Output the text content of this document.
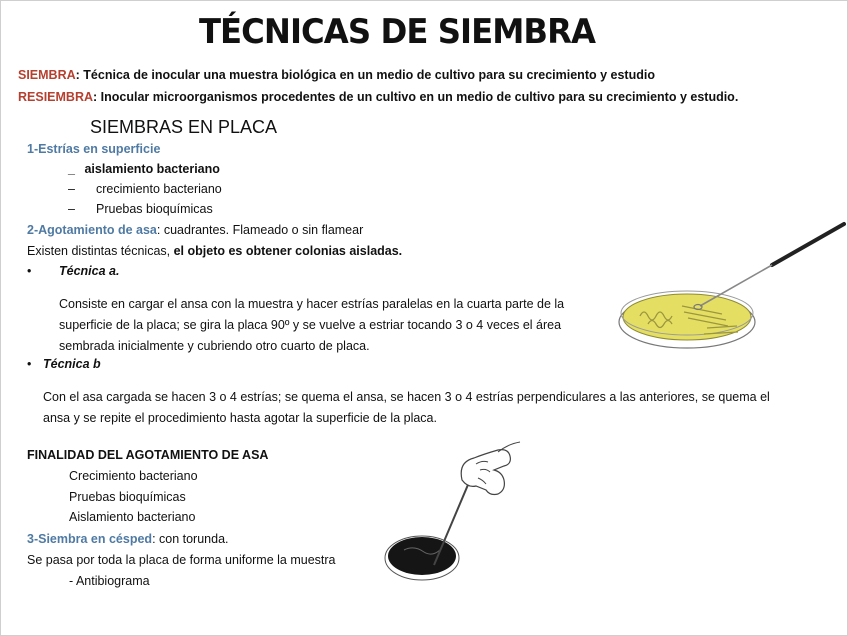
TÉCNICAS DE SIEMBRA
SIEMBRA: Técnica de inocular una muestra biológica en un medio de cultivo para su crecimiento y estudio
RESIEMBRA: Inocular microorganismos procedentes de un cultivo en un medio de cultivo para su crecimiento y estudio.
SIEMBRAS EN PLACA
1-Estrías en superficie
_ aislamiento bacteriano
– crecimiento bacteriano
– Pruebas bioquímicas
2-Agotamiento de asa: cuadrantes. Flameado o sin flamear
Existen distintas técnicas, el objeto es obtener colonias aisladas.
• Técnica a.
Consiste en cargar el ansa con la muestra y hacer estrías paralelas en la cuarta parte de la superficie de la placa; se gira la placa 90º y se vuelve a estriar tocando 3 o 4 veces el área sembrada inicialmente y cubriendo otro cuarto de placa.
• Técnica b
Con el asa cargada se hacen 3 o 4 estrías; se quema el ansa, se hacen 3 o 4 estrías perpendiculares a las anteriores, se quema el ansa y se repite el procedimiento hasta agotar la superficie de la placa.
FINALIDAD DEL AGOTAMIENTO DE ASA
Crecimiento bacteriano
Pruebas bioquímicas
Aislamiento bacteriano
3-Siembra en césped: con torunda.
Se pasa por toda la placa de forma uniforme la muestra
- Antibiograma
